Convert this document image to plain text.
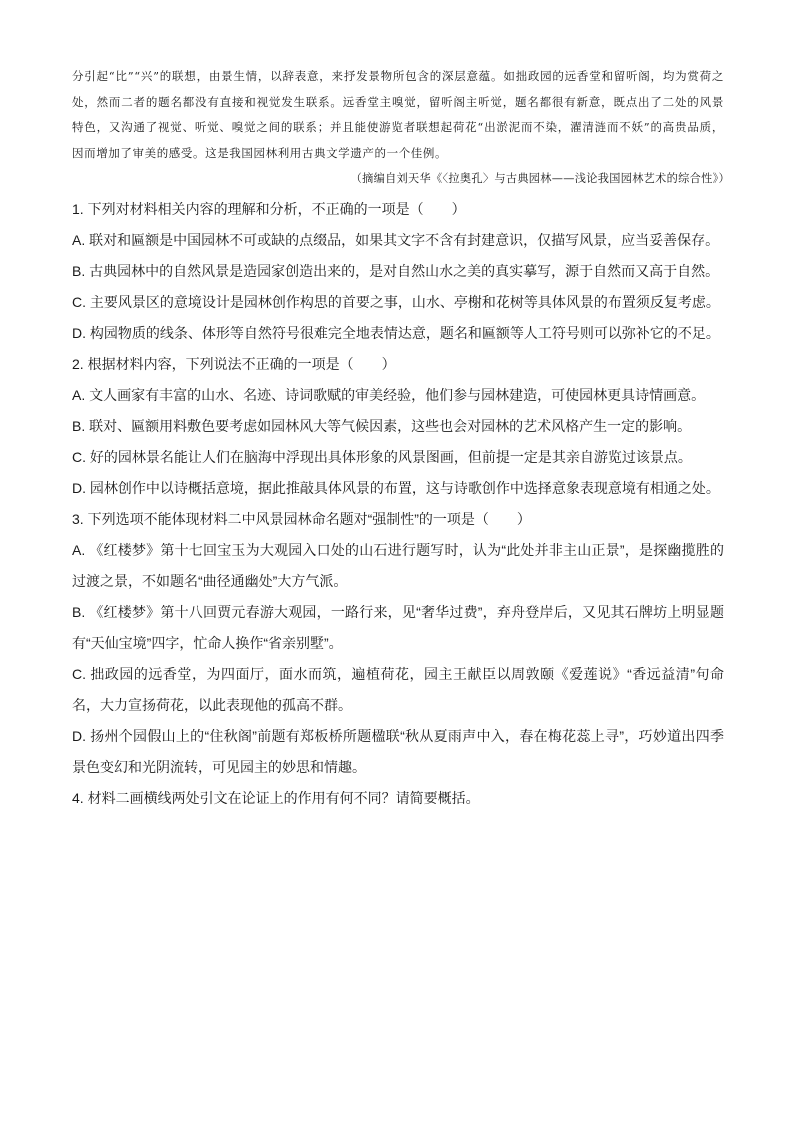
分引起“比”“兴”的联想，由景生情，以辞表意，来抒发景物所包含的深层意蕴。如拙政园的远香堂和留听阁，均为赏荷之处，然而二者的题名都没有直接和视觉发生联系。远香堂主嗅觉，留听阁主听觉，题名都很有新意，既点出了二处的风景特色，又沟通了视觉、听觉、嗅觉之间的联系；并且能使游览者联想起荷花“出淤泥而不染，濯清涟而不妖”的高贵品质，因而增加了审美的感受。这是我国园林利用古典文学遗产的一个佳例。

（摘编自刘天华《〈拉奥孔〉与古典园林——浅论我国园林艺术的综合性》）

1. 下列对材料相关内容的理解和分析，不正确的一项是（　　）

A. 联对和匾额是中国园林不可或缺的点缀品，如果其文字不含有封建意识，仅描写风景，应当妥善保存。

B. 古典园林中的自然风景是造园家创造出来的，是对自然山水之美的真实摹写，源于自然而又高于自然。

C. 主要风景区的意境设计是园林创作构思的首要之事，山水、亭榭和花树等具体风景的布置须反复考虑。

D. 构园物质的线条、体形等自然符号很难完全地表情达意，题名和匾额等人工符号则可以弥补它的不足。

2. 根据材料内容，下列说法不正确的一项是（　　）

A. 文人画家有丰富的山水、名迹、诗词歌赋的审美经验，他们参与园林建造，可使园林更具诗情画意。

B. 联对、匾额用料敷色要考虑如园林风大等气候因素，这些也会对园林的艺术风格产生一定的影响。

C. 好的园林景名能让人们在脑海中浮现出具体形象的风景图画，但前提一定是其亲自游览过该景点。

D. 园林创作中以诗概括意境，据此推敲具体风景的布置，这与诗歌创作中选择意象表现意境有相通之处。

3. 下列选项不能体现材料二中风景园林命名题对“强制性”的一项是（　　）

A. 《红楼梦》第十七回宝玉为大观园入口处的山石进行题写时，认为“此处并非主山正景”，是探幽揽胜的过渡之景，不如题名“曲径通幽处”大方气派。

B. 《红楼梦》第十八回贾元春游大观园，一路行来，见“奢华过费”，弃舟登岸后，又见其石牌坊上明显题有“天仙宝境”四字，忙命人换作“省亲别墅”。

C. 拙政园的远香堂，为四面厅，面水而筑，遍植荷花，园主王献臣以周敦颐《爱莲说》“香远益清”句命名，大力宣扬荷花，以此表现他的孤高不群。

D. 扬州个园假山上的“住秋阁”前题有郑板桥所题楹联“秋从夏雨声中入，春在梅花蕊上寻”，巧妙道出四季景色变幻和光阴流转，可见园主的妙思和情趣。

4. 材料二画横线两处引文在论证上的作用有何不同？请简要概括。
